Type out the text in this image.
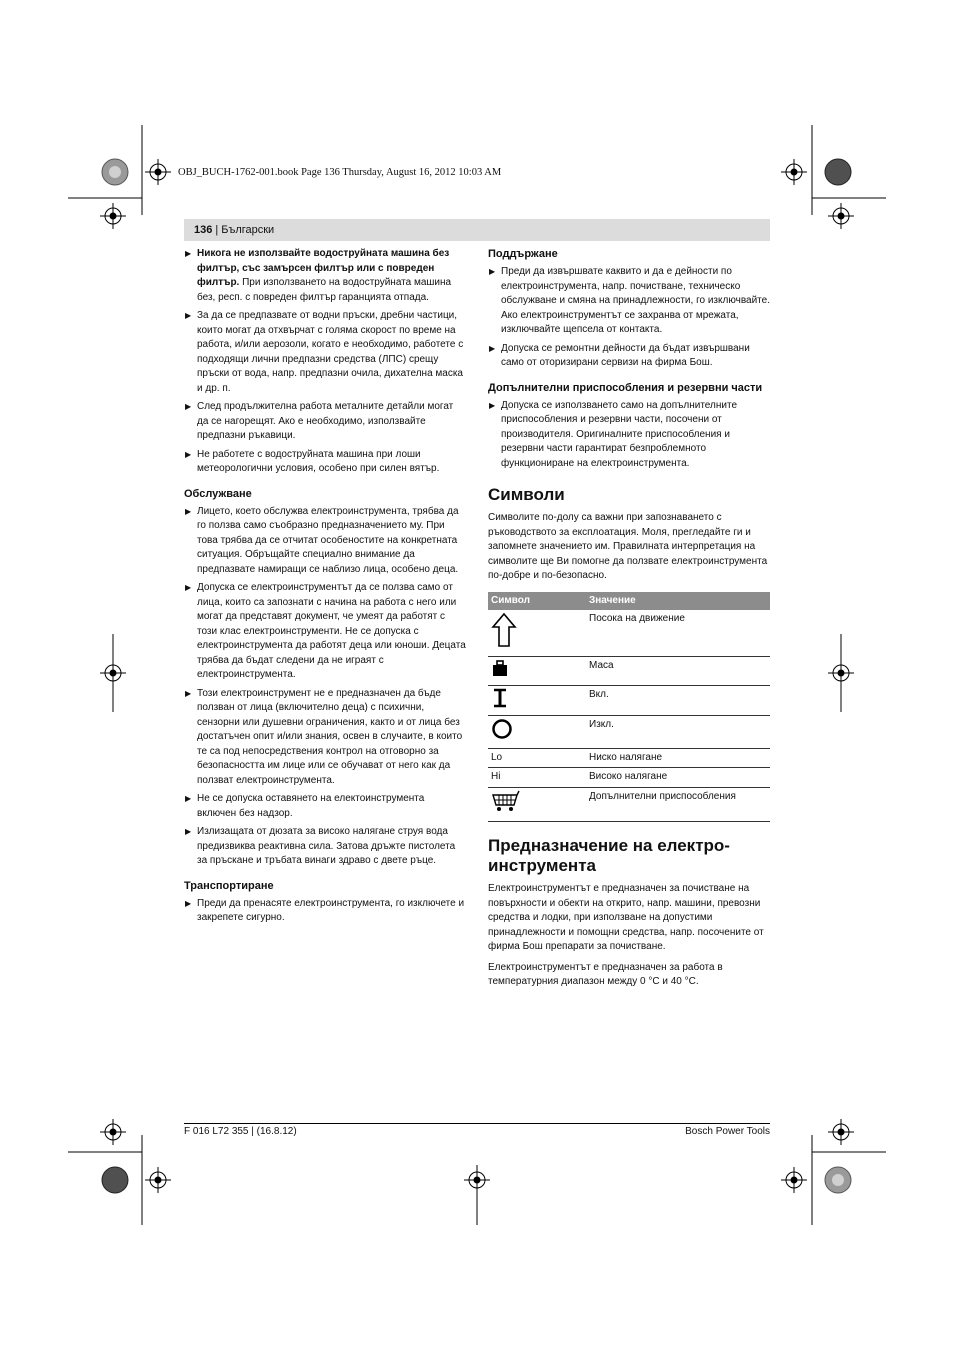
OBJ_BUCH-1762-001.book Page 136 Thursday, August 16, 2012 10:03 AM
136 | Български
▶ Никога не използвайте водоструйната машина без филтър, със замърсен филтър или с повреден филтър. При използването на водоструйната машина без, респ. с повреден филтър гаранцията отпада.
▶ За да се предпазвате от водни пръски, дребни частици, които могат да отхвърчат с голяма скорост по време на работа, и/или аерозоли, когато е необходимо, работете с подходящи лични предпазни средства (ЛПС) срещу пръски от вода, напр. предпазни очила, дихателна маска и др. п.
▶ След продължителна работа металните детайли могат да се нагорещят. Ако е необходимо, използвайте предпазни ръкавици.
▶ Не работете с водоструйната машина при лоши метеорологични условия, особено при силен вятър.
Обслужване
▶ Лицето, което обслужва електроинструмента, трябва да го ползва само съобразно предназначението му. При това трябва да се отчитат особеностите на конкретната ситуация. Обръщайте специално внимание да предпазвате намиращи се наблизо лица, особено деца.
▶ Допуска се електроинструментът да се ползва само от лица, които са запознати с начина на работа с него или могат да представят документ, че умеят да работят с този клас електроинструменти. Не се допуска с електроинструмента да работят деца или юноши. Децата трябва да бъдат следени да не играят с електроинструмента.
▶ Този електроинструмент не е предназначен да бъде ползван от лица (включително деца) с психични, сензорни или душевни ограничения, както и от лица без достатъчен опит и/или знания, освен в случаите, в които те са под непосредствения контрол на отговорно за безопасността им лице или се обучават от него как да ползват електроинструмента.
▶ Не се допуска оставянето на електоинструмента включен без надзор.
▶ Излизащата от дюзата за високо налягане струя вода предизвиква реактивна сила. Затова дръжте пистолета за пръскане и тръбата винаги здраво с двете ръце.
Транспортиране
▶ Преди да пренасяте електроинструмента, го изключете и закрепете сигурно.
Поддържане
▶ Преди да извършвате каквито и да е дейности по електроинструмента, напр. почистване, техническо обслужване и смяна на принадлежности, го изключвайте. Ако електроинструментът се захранва от мрежата, изключвайте щепсела от контакта.
▶ Допуска се ремонтни дейности да бъдат извършвани само от оторизирани сервизи на фирма Бош.
Допълнителни приспособления и резервни части
▶ Допуска се използването само на допълнителните приспособления и резервни части, посочени от производителя. Оригиналните приспособления и резервни части гарантират безпроблемното функциониране на електроинструмента.
Символи
Символите по-долу са важни при запознаването с ръководството за експлоатация. Моля, прегледайте ги и запомнете значението им. Правилната интерпретация на символите ще Ви помогне да ползвате електроинструмента по-добре и по-безопасно.
Символ	Значение
	Посока на движение
	Маса
	Вкл.
	Изкл.
Lo	Ниско налягане
Hi	Високо налягане
	Допълнителни приспособления
Предназначение на електро-
инструмента
Електроинструментът е предназначен за почистване на повърхности и обекти на открито, напр. машини, превозни средства и лодки, при използване на допустими принадлежности и помощни средства, напр. посочените от фирма Бош препарати за почистване.
Електроинструментът е предназначен за работа в температурния диапазон между 0 °C и 40 °C.
F 016 L72 355 | (16.8.12)	Bosch Power Tools
